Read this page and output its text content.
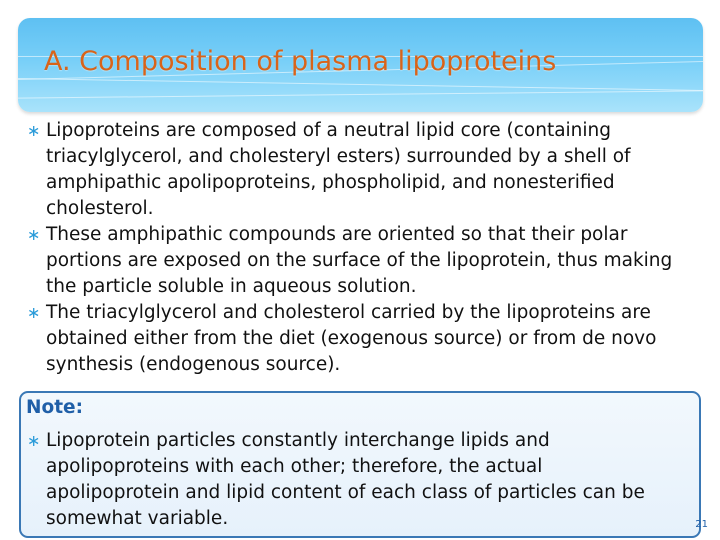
A. Composition of plasma lipoproteins

∗ Lipoproteins are composed of a neutral lipid core (containing triacylglycerol, and cholesteryl esters) surrounded by a shell of amphipathic apolipoproteins, phospholipid, and nonesterified cholesterol.

∗ These amphipathic compounds are oriented so that their polar portions are exposed on the surface of the lipoprotein, thus making the particle soluble in aqueous solution.

∗ The triacylglycerol and cholesterol carried by the lipoproteins are obtained either from the diet (exogenous source) or from de novo synthesis (endogenous source).

Note:

∗ Lipoprotein particles constantly interchange lipids and apolipoproteins with each other; therefore, the actual apolipoprotein and lipid content of each class of particles can be somewhat variable.	21
